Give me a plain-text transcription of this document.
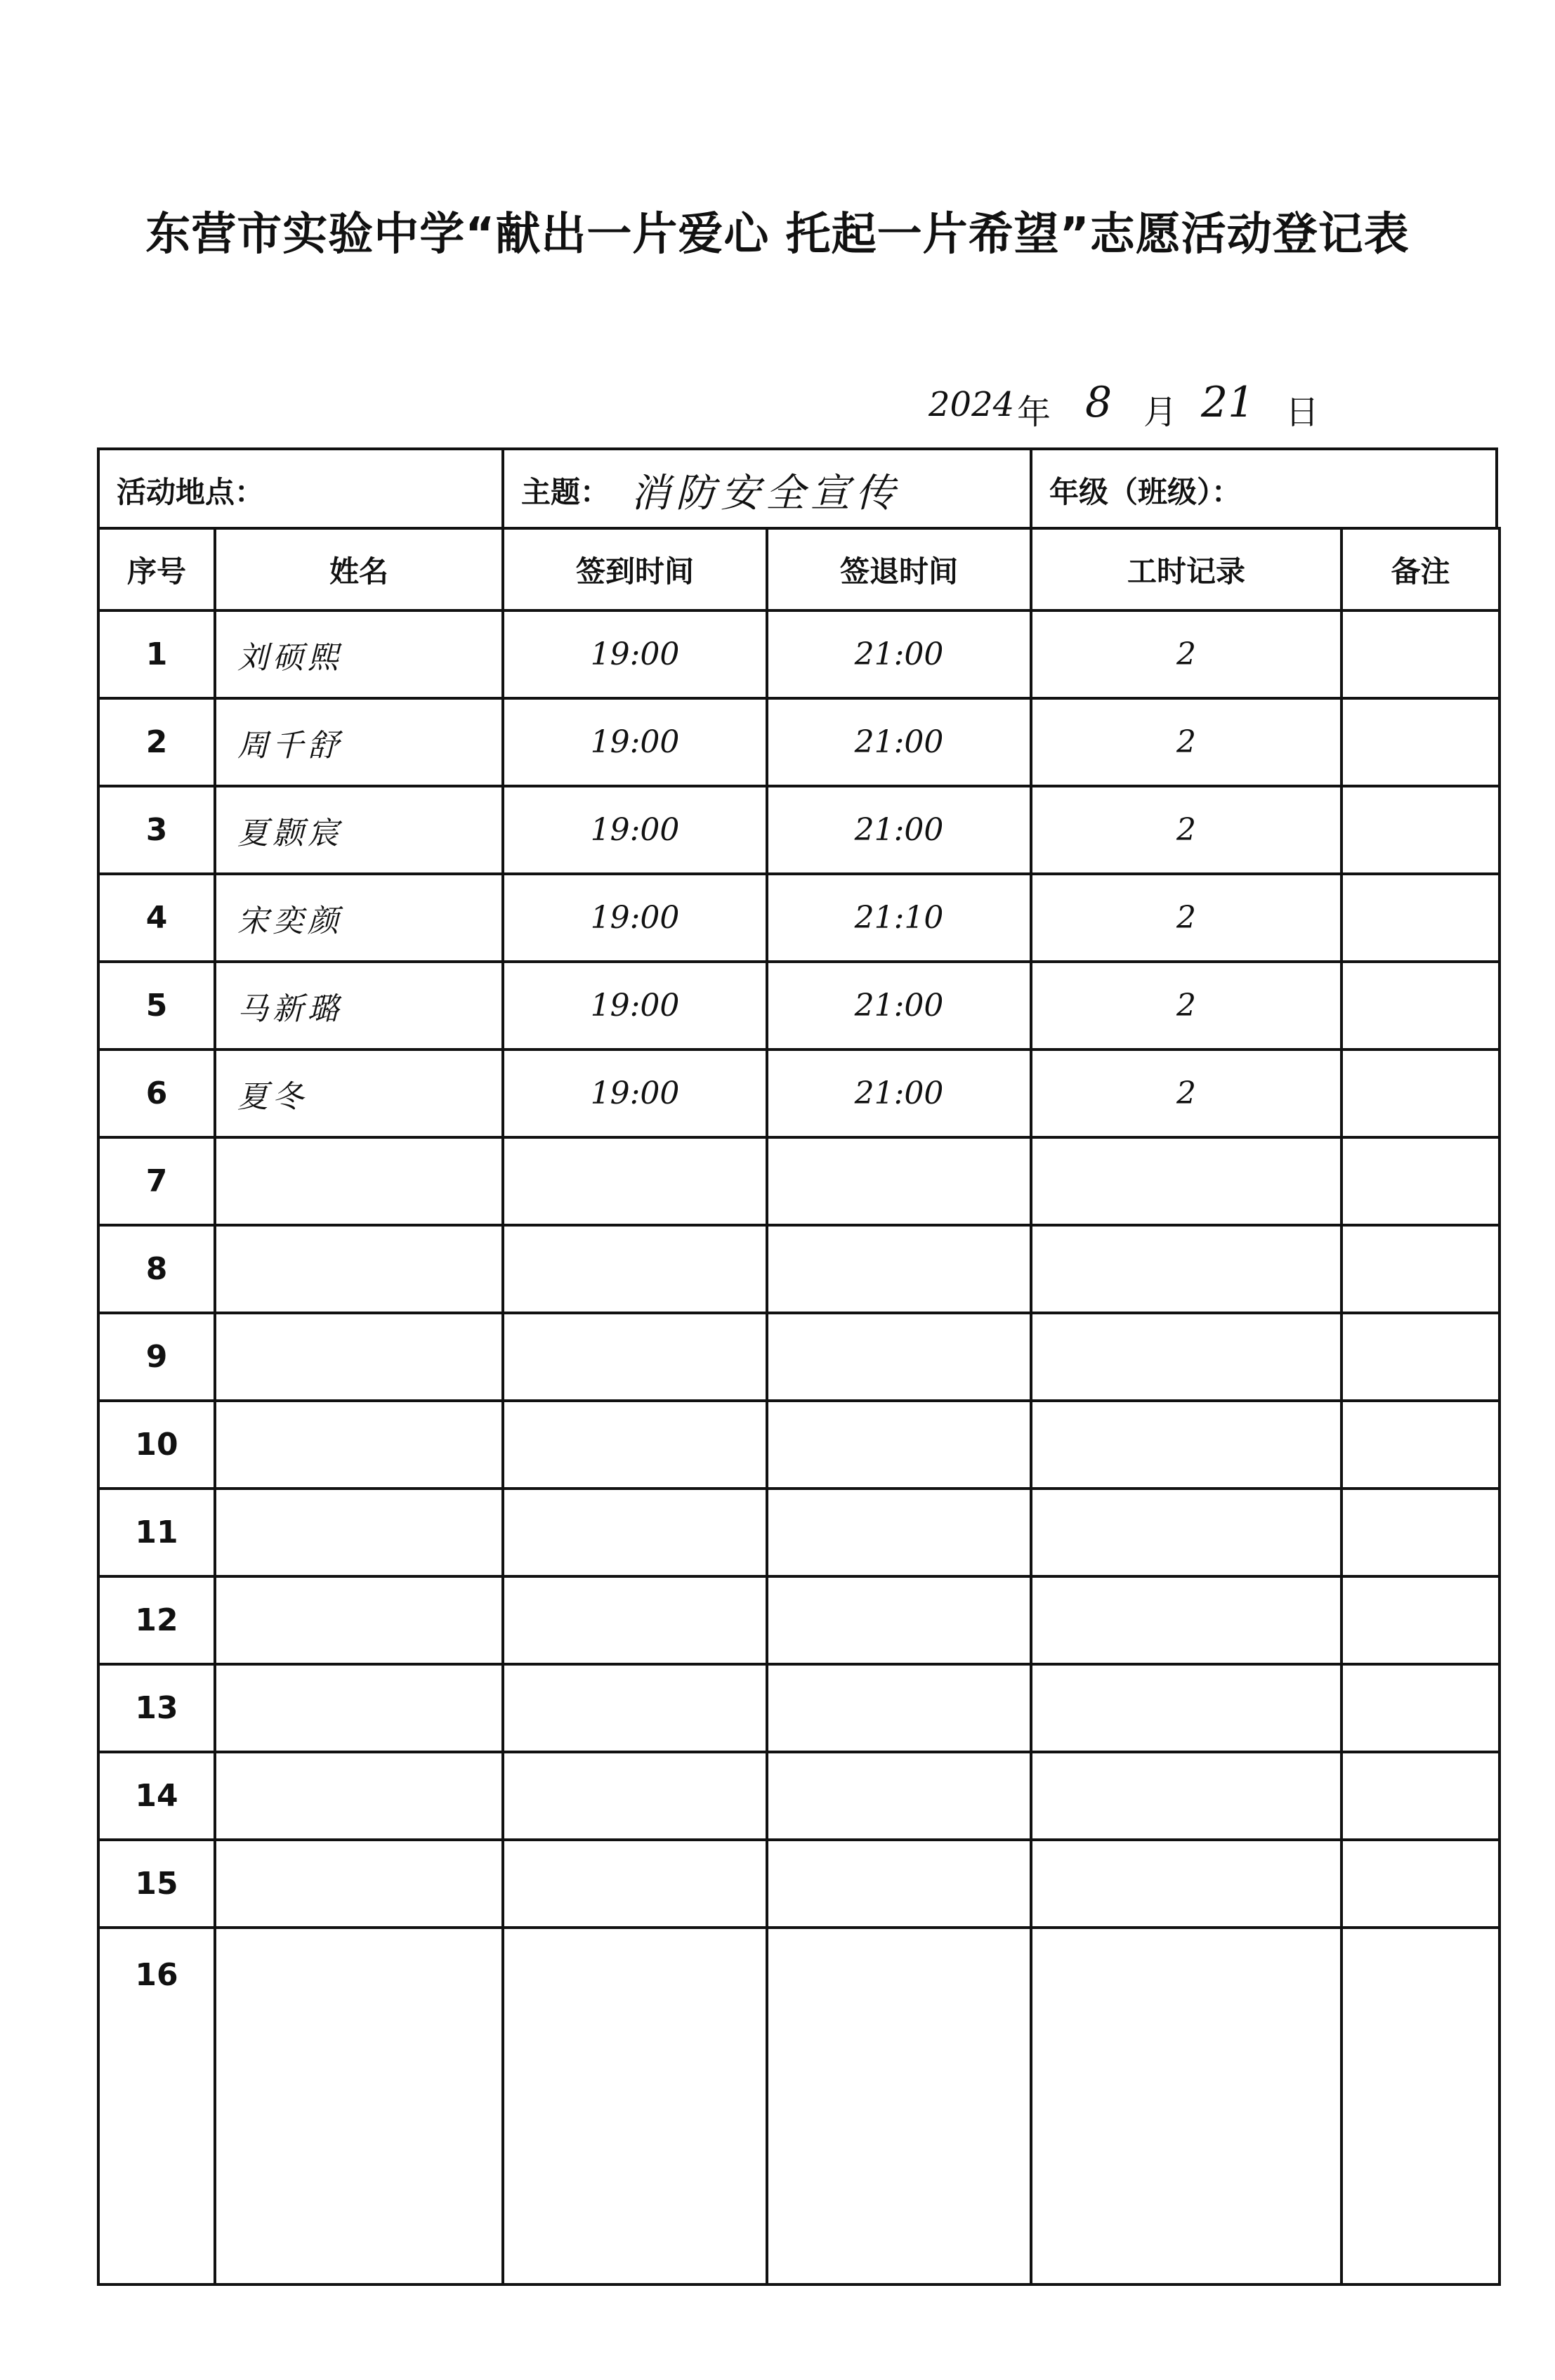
东营市实验中学“献出一片爱心 托起一片希望”志愿活动登记表
2024 年 8 月 21 日
活动地点：	主题： 消防安全宣传	年级（班级）：
序号	姓名	签到时间	签退时间	工时记录	备注
1	刘硕熙	19:00	21:00	2	
2	周千舒	19:00	21:00	2	
3	夏颢宸	19:00	21:00	2	
4	宋奕颜	19:00	21:10	2	
5	马新璐	19:00	21:00	2	
6	夏冬	19:00	21:00	2	
7					
8					
9					
10					
11					
12					
13					
14					
15					
16					
